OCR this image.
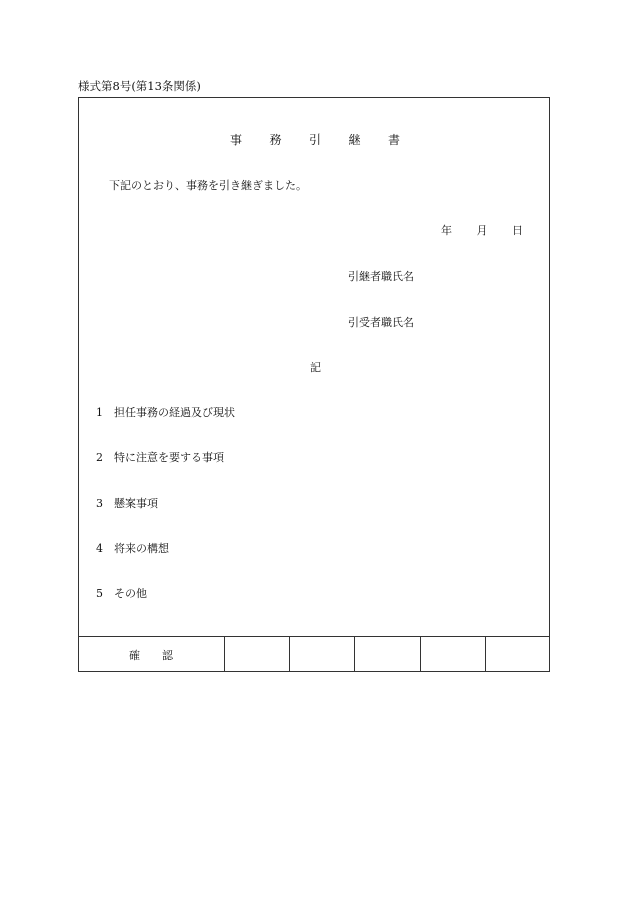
様式第8号(第13条関係)
事 務 引 継 書
下記のとおり、事務を引き継ぎました。
年 月 日
引継者職氏名
引受者職氏名
記
1 担任事務の経過及び現状
2 特に注意を要する事項
3 懸案事項
4 将来の構想
5 その他
確 認
